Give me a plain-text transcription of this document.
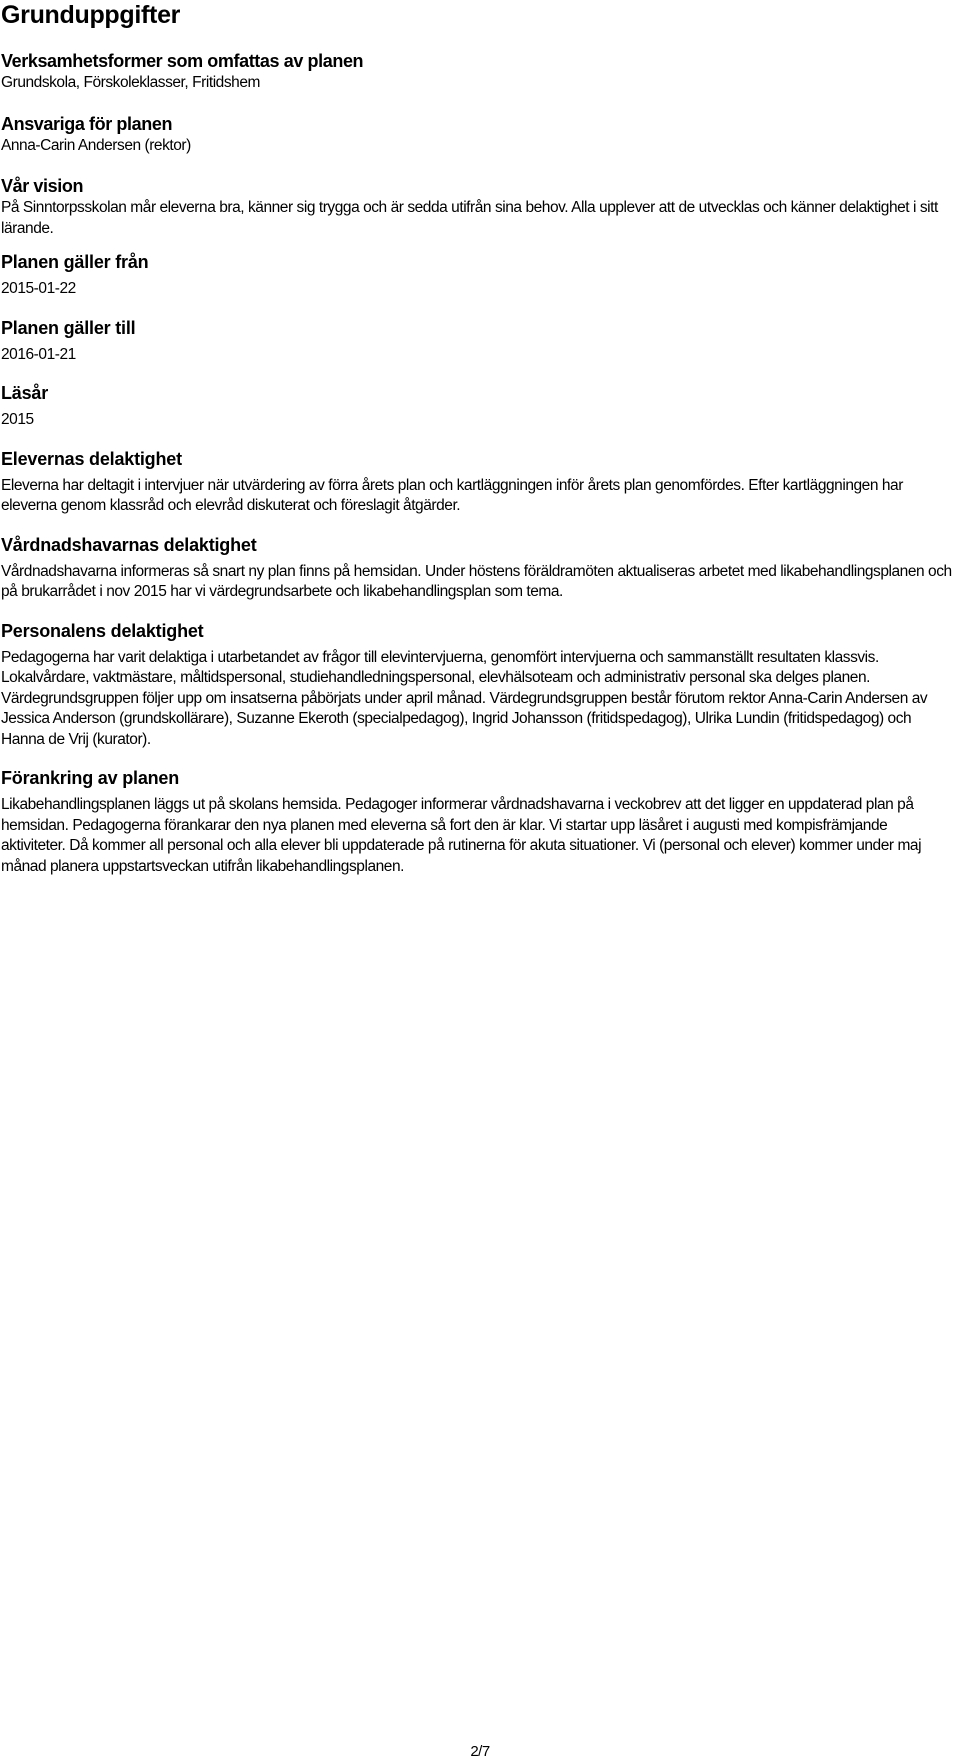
Grunduppgifter
Verksamhetsformer som omfattas av planen

Grundskola, Förskoleklasser, Fritidshem

Ansvariga för planen

Anna-Carin Andersen (rektor)

Vår vision

På Sinntorpsskolan mår eleverna bra, känner sig trygga och är sedda utifrån sina behov. Alla upplever att de utvecklas och känner delaktighet i sitt lärande.

Planen gäller från

2015-01-22

Planen gäller till

2016-01-21

Läsår

2015

Elevernas delaktighet

Eleverna har deltagit i intervjuer när utvärdering av förra årets plan och kartläggningen inför årets plan genomfördes. Efter kartläggningen har eleverna genom klassråd och elevråd diskuterat och föreslagit åtgärder.

Vårdnadshavarnas delaktighet

Vårdnadshavarna informeras så snart ny plan finns på hemsidan. Under höstens föräldramöten aktualiseras arbetet med likabehandlingsplanen och på brukarrådet i nov 2015 har vi värdegrundsarbete och likabehandlingsplan som tema.

Personalens delaktighet

Pedagogerna har varit delaktiga i utarbetandet av frågor till elevintervjuerna, genomfört intervjuerna och sammanställt resultaten klassvis. Lokalvårdare, vaktmästare, måltidspersonal, studiehandledningspersonal, elevhälsoteam och administrativ personal ska delges planen. Värdegrundsgruppen följer upp om insatserna påbörjats under april månad. Värdegrundsgruppen består förutom rektor Anna-Carin Andersen av Jessica Anderson (grundskollärare), Suzanne Ekeroth (specialpedagog), Ingrid Johansson (fritidspedagog), Ulrika Lundin (fritidspedagog) och Hanna de Vrij (kurator).

Förankring av planen

Likabehandlingsplanen läggs ut på skolans hemsida. Pedagoger informerar vårdnadshavarna i veckobrev att det ligger en uppdaterad plan på hemsidan. Pedagogerna förankarar den nya planen med eleverna så fort den är klar. Vi startar upp läsåret i augusti med kompisfrämjande aktiviteter. Då kommer all personal och alla elever bli uppdaterade på rutinerna för akuta situationer. Vi (personal och elever) kommer under maj månad planera uppstartsveckan utifrån likabehandlingsplanen.

2/7
